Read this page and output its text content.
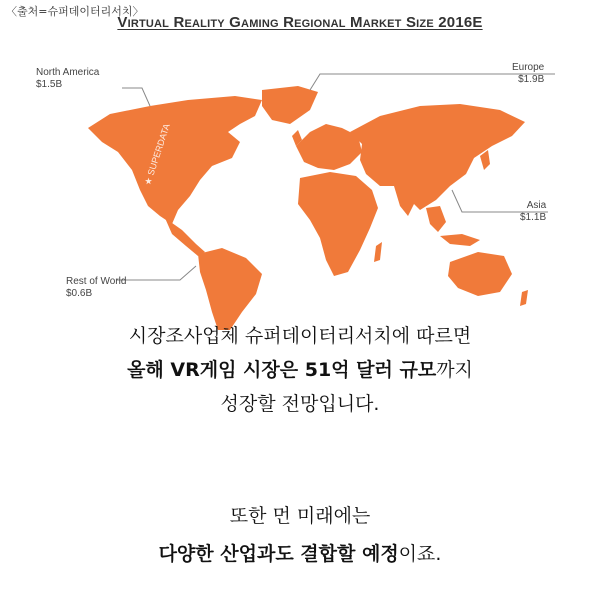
〈출처=슈퍼데이터리서치〉
Virtual Reality Gaming Regional Market Size 2016E
★ SUPERDATA
North America
$1.5B
Europe
$1.9B
Asia
$1.1B
Rest of World
$0.6B
시장조사업체 슈퍼데이터리서치에 따르면
올해 VR게임 시장은 51억 달러 규모까지
성장할 전망입니다.
또한 먼 미래에는
다양한 산업과도 결합할 예정이죠.
